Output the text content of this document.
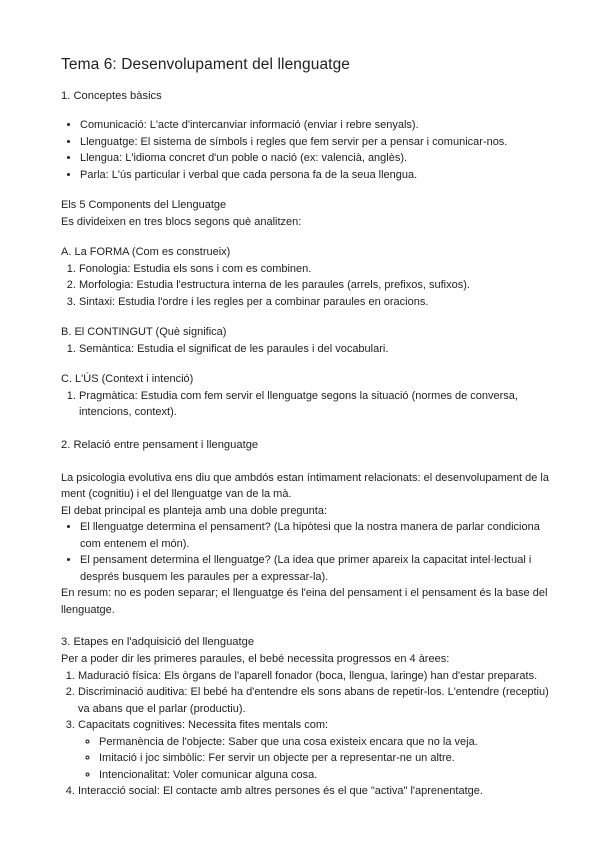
Tema 6: Desenvolupament del llenguatge
1. Conceptes bàsics
• Comunicació: L'acte d'intercanviar informació (enviar i rebre senyals).
• Llenguatge: El sistema de símbols i regles que fem servir per a pensar i comunicar-nos.
• Llengua: L'idioma concret d'un poble o nació (ex: valencià, anglès).
• Parla: L'ús particular i verbal que cada persona fa de la seua llengua.
Els 5 Components del Llenguatge
Es divideixen en tres blocs segons què analitzen:
A. La FORMA (Com es construeix)
1. Fonologia: Estudia els sons i com es combinen.
2. Morfologia: Estudia l'estructura interna de les paraules (arrels, prefixos, sufixos).
3. Sintaxi: Estudia l'ordre i les regles per a combinar paraules en oracions.
B. El CONTINGUT (Què significa)
1. Semàntica: Estudia el significat de les paraules i del vocabulari.
C. L'ÚS (Context i intenció)
1. Pragmàtica: Estudia com fem servir el llenguatge segons la situació (normes de conversa, intencions, context).
2. Relació entre pensament i llenguatge

La psicologia evolutiva ens diu que ambdós estan íntimament relacionats: el desenvolupament de la ment (cognitiu) i el del llenguatge van de la mà.

El debat principal es planteja amb una doble pregunta:

• El llenguatge determina el pensament? (La hipòtesi que la nostra manera de parlar condiciona com entenem el món).
• El pensament determina el llenguatge? (La idea que primer apareix la capacitat intel·lectual i després busquem les paraules per a expressar-la).

En resum: no es poden separar; el llenguatge és l'eina del pensament i el pensament és la base del llenguatge.

3. Etapes en l'adquisició del llenguatge

Per a poder dir les primeres paraules, el bebé necessita progressos en 4 àrees:

1. Maduració física: Els òrgans de l'aparell fonador (boca, llengua, laringe) han d'estar preparats.
2. Discriminació auditiva: El bebé ha d'entendre els sons abans de repetir-los. L'entendre (receptiu) va abans que el parlar (productiu).
3. Capacitats cognitives: Necessita fites mentals com:
◦ Permanència de l'objecte: Saber que una cosa existeix encara que no la veja.
◦ Imitació i joc simbòlic: Fer servir un objecte per a representar-ne un altre.
◦ Intencionalitat: Voler comunicar alguna cosa.
4. Interacció social: El contacte amb altres persones és el que "activa" l'aprenentatge.
